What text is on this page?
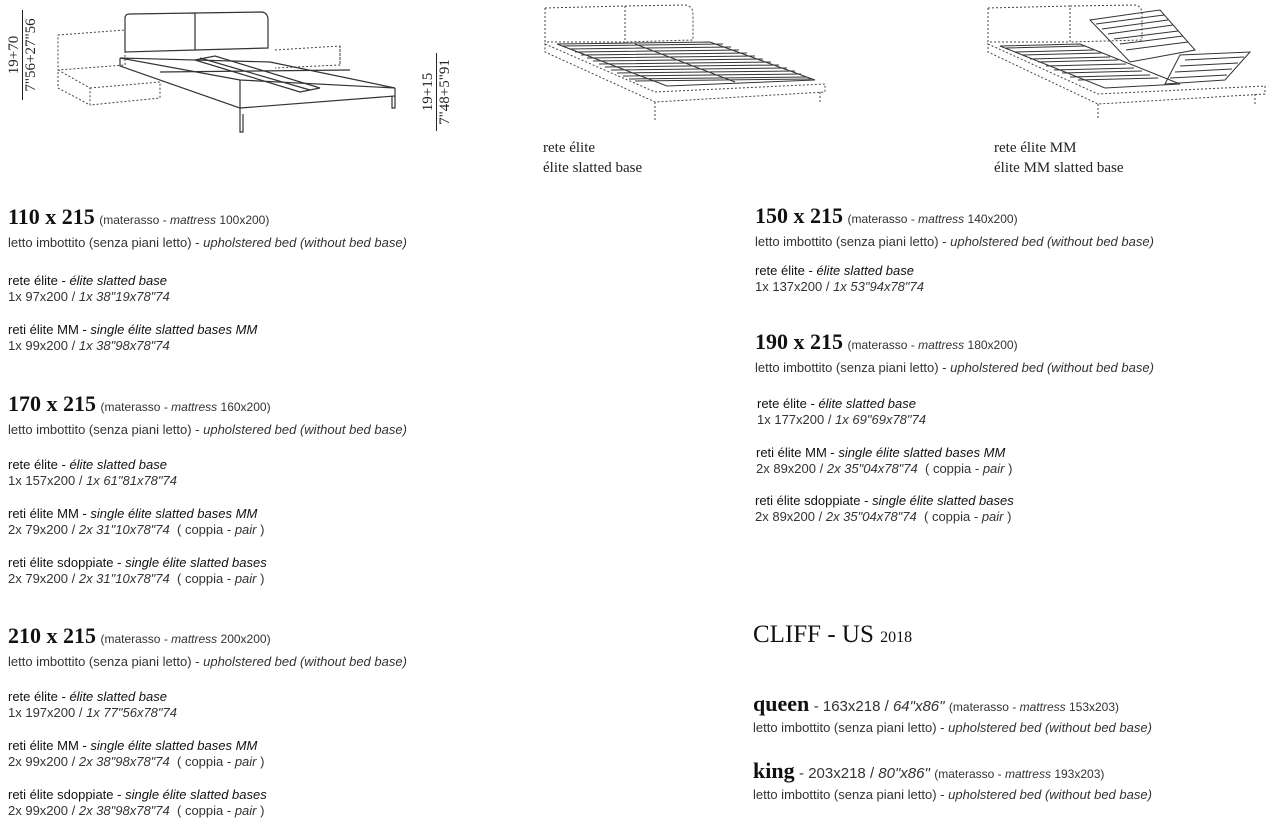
19+70 7"56+27"56
19+15 7"48+5"91
rete élite
élite slatted base
rete élite MM
élite MM slatted base
110 x 215 (materasso - mattress 100x200)
letto imbottito (senza piani letto) - upholstered bed (without bed base)
rete élite - élite slatted base
1x 97x200 / 1x 38"19x78"74
reti élite MM - single élite slatted bases MM
1x 99x200 / 1x 38"98x78"74
170 x 215 (materasso - mattress 160x200)
letto imbottito (senza piani letto) - upholstered bed (without bed base)
rete élite - élite slatted base
1x 157x200 / 1x 61"81x78"74
reti élite MM - single élite slatted bases MM
2x 79x200 / 2x 31"10x78"74  ( coppia - pair )
reti élite sdoppiate - single élite slatted bases
2x 79x200 / 2x 31"10x78"74  ( coppia - pair )
210 x 215 (materasso - mattress 200x200)
letto imbottito (senza piani letto) - upholstered bed (without bed base)
rete élite - élite slatted base
1x 197x200 / 1x 77"56x78"74
reti élite MM - single élite slatted bases MM
2x 99x200 / 2x 38"98x78"74  ( coppia - pair )
reti élite sdoppiate - single élite slatted bases
2x 99x200 / 2x 38"98x78"74  ( coppia - pair )
150 x 215 (materasso - mattress 140x200)
letto imbottito (senza piani letto) - upholstered bed (without bed base)
rete élite - élite slatted base
1x 137x200 / 1x 53"94x78"74
190 x 215 (materasso - mattress 180x200)
letto imbottito (senza piani letto) - upholstered bed (without bed base)
rete élite - élite slatted base
1x 177x200 / 1x 69"69x78"74
reti élite MM - single élite slatted bases MM
2x 89x200 / 2x 35"04x78"74  ( coppia - pair )
reti élite sdoppiate - single élite slatted bases
2x 89x200 / 2x 35"04x78"74  ( coppia - pair )
CLIFF - US 2018
queen - 163x218 / 64"x86" (materasso - mattress 153x203)
letto imbottito (senza piani letto) - upholstered bed (without bed base)
king - 203x218 / 80"x86" (materasso - mattress 193x203)
letto imbottito (senza piani letto) - upholstered bed (without bed base)
